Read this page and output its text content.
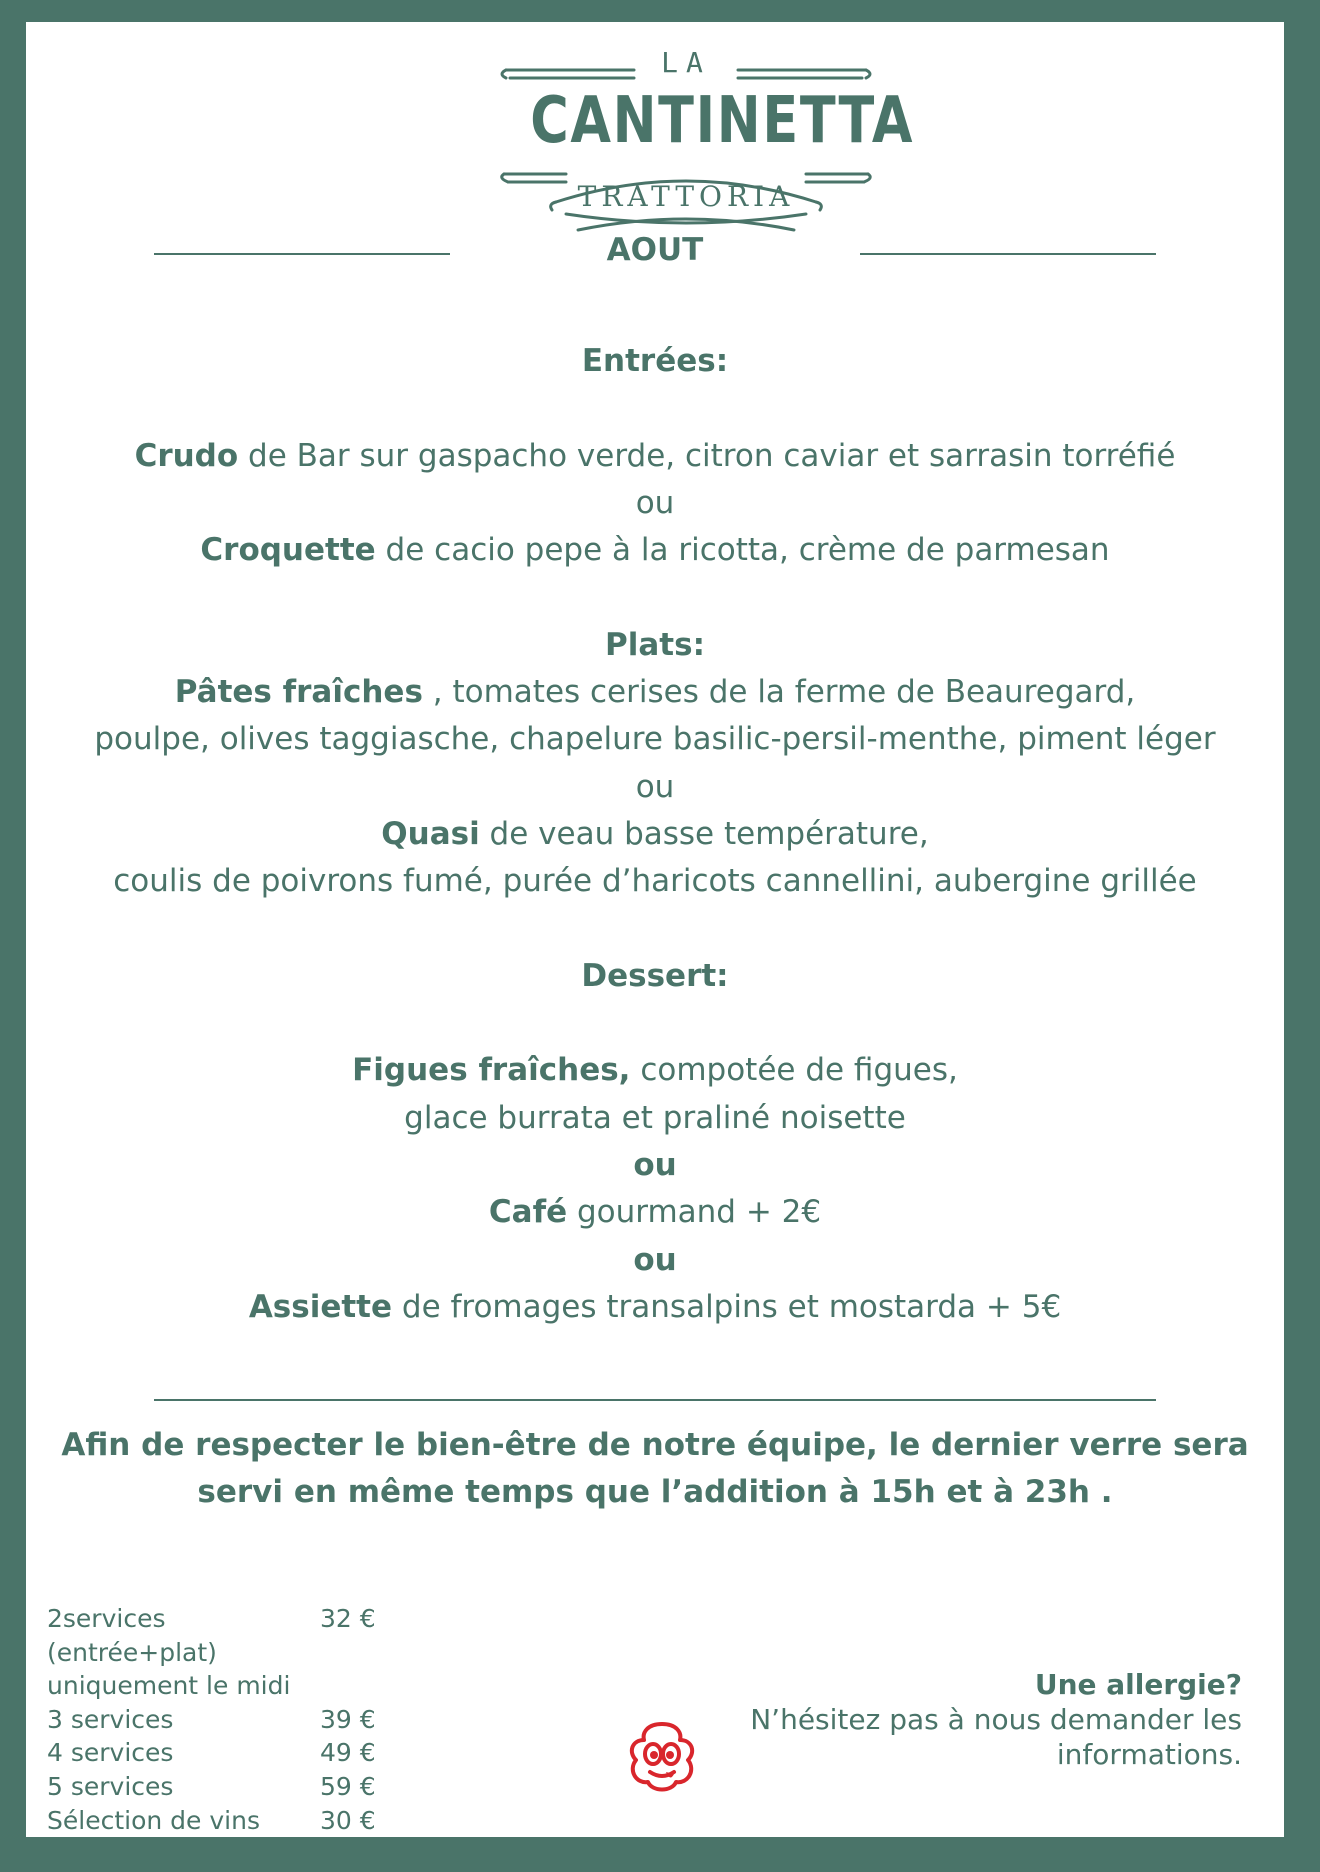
LA
CANTINETTA
TRATTORIA
AOUT
Entrées:
Crudo de Bar sur gaspacho verde, citron caviar et sarrasin torréfié
ou
Croquette de cacio pepe à la ricotta, crème de parmesan
Plats:
Pâtes fraîches , tomates cerises de la ferme de Beauregard,
poulpe, olives taggiasche, chapelure basilic-persil-menthe, piment léger
ou
Quasi de veau basse température,
coulis de poivrons fumé, purée d’haricots cannellini, aubergine grillée
Dessert:
Figues fraîches, compotée de figues,
glace burrata et praliné noisette
ou
Café gourmand + 2€
ou
Assiette de fromages transalpins et mostarda + 5€
Afin de respecter le bien-être de notre équipe, le dernier verre sera
servi en même temps que l’addition à 15h et à 23h .
2services	32 €
(entrée+plat)
uniquement le midi
3 services	39 €
4 services	49 €
5 services	59 €
Sélection de vins 30 €
Une allergie?
N’hésitez pas à nous demander les
informations.
